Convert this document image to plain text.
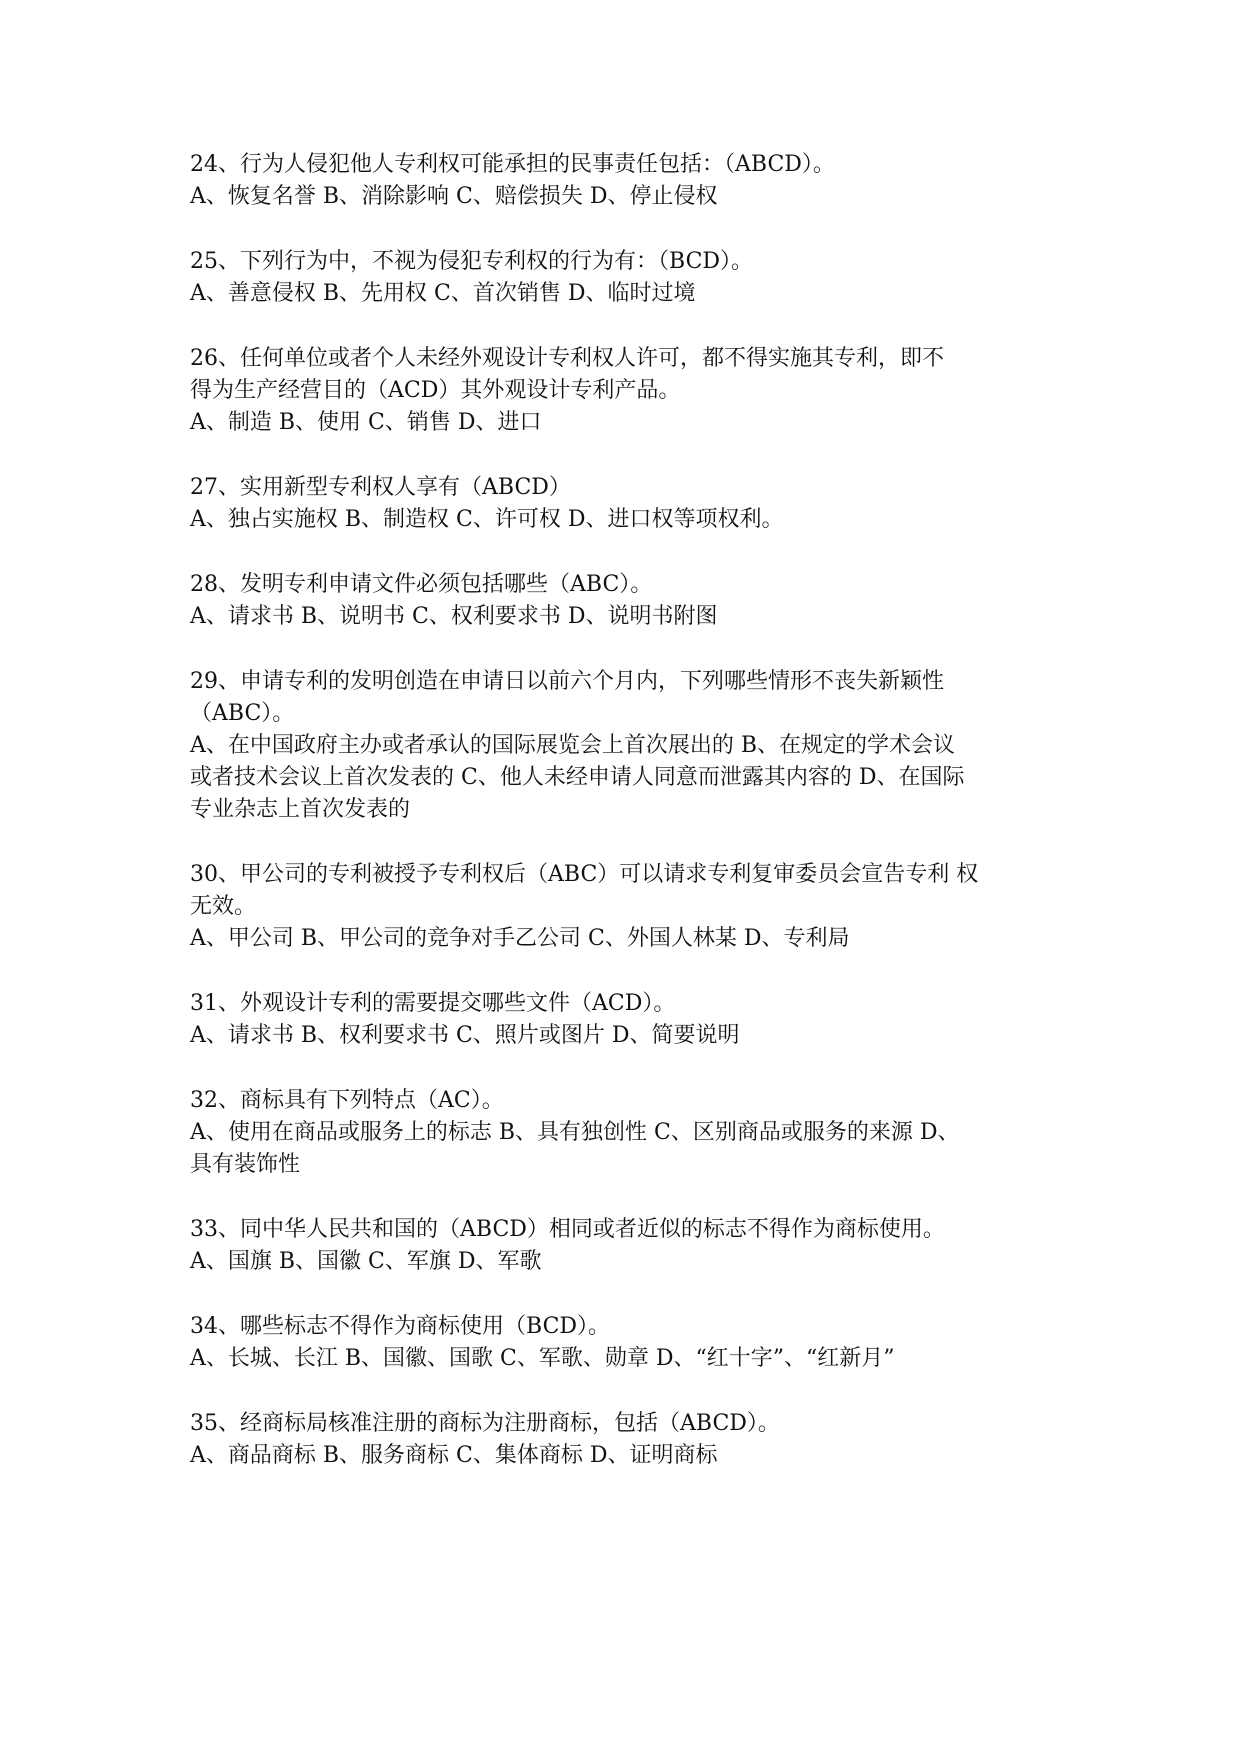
24、行为人侵犯他人专利权可能承担的民事责任包括：（ABCD）。
A、恢复名誉 B、消除影响 C、赔偿损失 D、停止侵权
25、下列行为中，不视为侵犯专利权的行为有：（BCD）。
A、善意侵权 B、先用权 C、首次销售 D、临时过境
26、任何单位或者个人未经外观设计专利权人许可，都不得实施其专利，即不
得为生产经营目的（ACD）其外观设计专利产品。
A、制造 B、使用 C、销售 D、进口
27、实用新型专利权人享有（ABCD）
A、独占实施权 B、制造权 C、许可权 D、进口权等项权利。
28、发明专利申请文件必须包括哪些（ABC）。
A、请求书 B、说明书 C、权利要求书 D、说明书附图
29、申请专利的发明创造在申请日以前六个月内，下列哪些情形不丧失新颖性
（ABC）。
A、在中国政府主办或者承认的国际展览会上首次展出的 B、在规定的学术会议
或者技术会议上首次发表的 C、他人未经申请人同意而泄露其内容的 D、在国际
专业杂志上首次发表的
30、甲公司的专利被授予专利权后（ABC）可以请求专利复审委员会宣告专利 权
无效。
A、甲公司 B、甲公司的竞争对手乙公司 C、外国人林某 D、专利局
31、外观设计专利的需要提交哪些文件（ACD）。
A、请求书 B、权利要求书 C、照片或图片 D、简要说明
32、商标具有下列特点（AC）。
A、使用在商品或服务上的标志 B、具有独创性 C、区别商品或服务的来源 D、
具有装饰性
33、同中华人民共和国的（ABCD）相同或者近似的标志不得作为商标使用。
A、国旗 B、国徽 C、军旗 D、军歌
34、哪些标志不得作为商标使用（BCD）。
A、长城、长江 B、国徽、国歌 C、军歌、勋章 D、“红十字”、“红新月”
35、经商标局核准注册的商标为注册商标，包括（ABCD）。
A、商品商标 B、服务商标 C、集体商标 D、证明商标
